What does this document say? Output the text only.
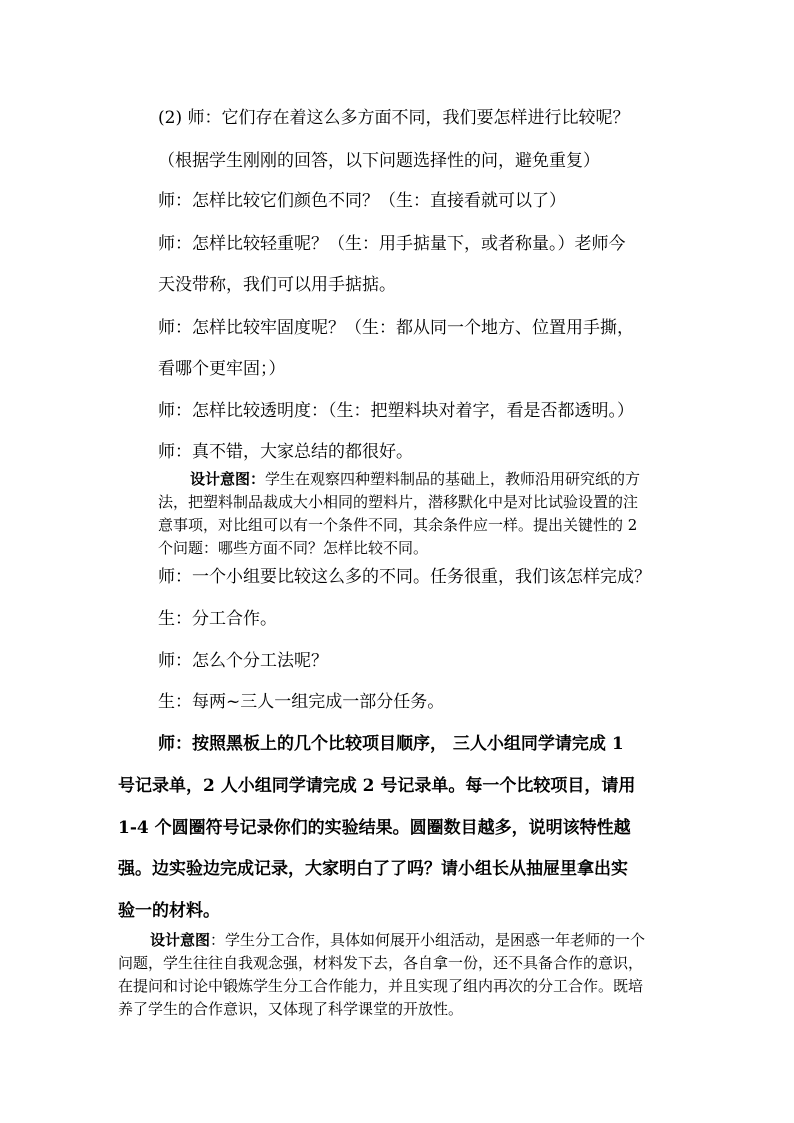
(2) 师：它们存在着这么多方面不同，我们要怎样进行比较呢？
（根据学生刚刚的回答，以下问题选择性的问，避免重复）
师：怎样比较它们颜色不同？（生：直接看就可以了）
师：怎样比较轻重呢？（生：用手掂量下，或者称量。）老师今
天没带称，我们可以用手掂掂。
师：怎样比较牢固度呢？（生：都从同一个地方、位置用手撕，
看哪个更牢固；）
师：怎样比较透明度：（生：把塑料块对着字，看是否都透明。）
师：真不错，大家总结的都很好。
设计意图：学生在观察四种塑料制品的基础上，教师沿用研究纸的方
法，把塑料制品裁成大小相同的塑料片，潜移默化中是对比试验设置的注
意事项，对比组可以有一个条件不同，其余条件应一样。提出关键性的 2
个问题：哪些方面不同？怎样比较不同。
师：一个小组要比较这么多的不同。任务很重，我们该怎样完成？
生：分工合作。
师：怎么个分工法呢？
生：每两~三人一组完成一部分任务。
师：按照黑板上的几个比较项目顺序， 三人小组同学请完成 1
号记录单，2 人小组同学请完成 2 号记录单。每一个比较项目，请用
1-4 个圆圈符号记录你们的实验结果。圆圈数目越多，说明该特性越
强。边实验边完成记录，大家明白了了吗？请小组长从抽屉里拿出实
验一的材料。
设计意图：学生分工合作，具体如何展开小组活动，是困惑一年老师的一个
问题，学生往往自我观念强，材料发下去，各自拿一份，还不具备合作的意识，
在提问和讨论中锻炼学生分工合作能力，并且实现了组内再次的分工合作。既培
养了学生的合作意识，又体现了科学课堂的开放性。
